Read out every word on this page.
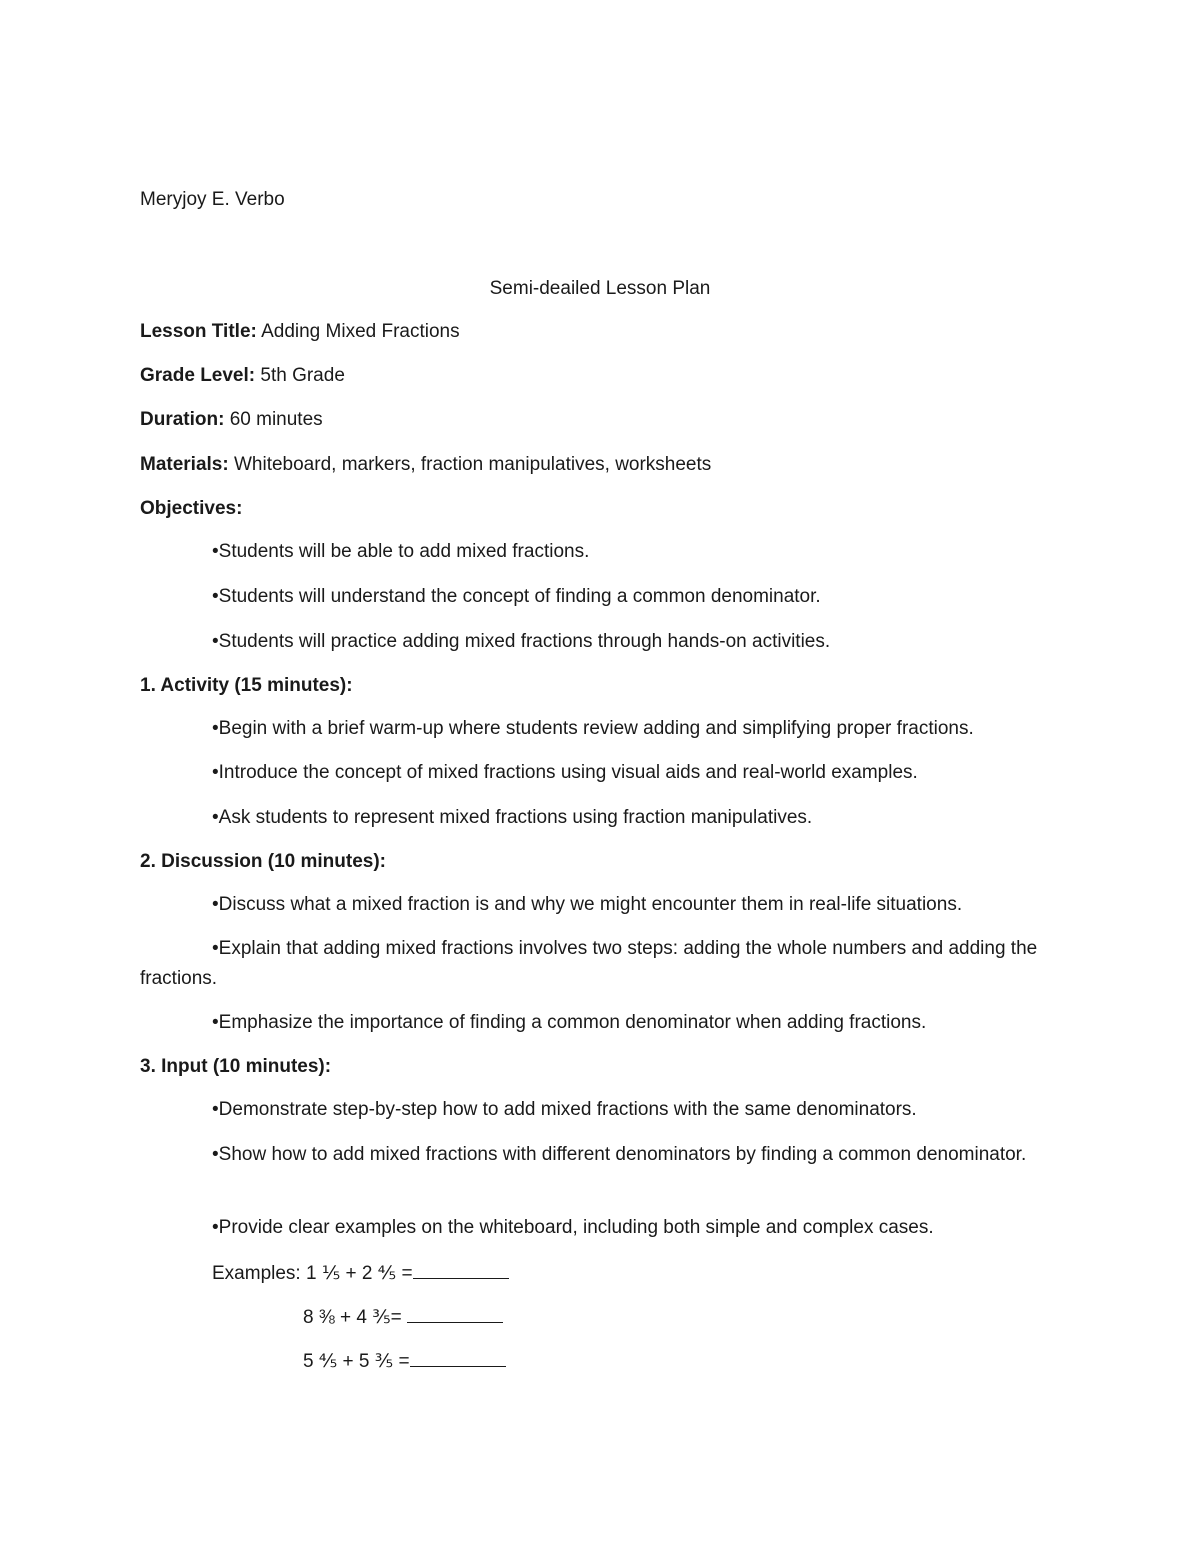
Meryjoy E. Verbo
Semi-deailed Lesson Plan
Lesson Title: Adding Mixed Fractions
Grade Level: 5th Grade
Duration: 60 minutes
Materials: Whiteboard, markers, fraction manipulatives, worksheets
Objectives:
•Students will be able to add mixed fractions.
•Students will understand the concept of finding a common denominator.
•Students will practice adding mixed fractions through hands-on activities.
1. Activity (15 minutes):
•Begin with a brief warm-up where students review adding and simplifying proper fractions.
•Introduce the concept of mixed fractions using visual aids and real-world examples.
•Ask students to represent mixed fractions using fraction manipulatives.
2. Discussion (10 minutes):
•Discuss what a mixed fraction is and why we might encounter them in real-life situations.
•Explain that adding mixed fractions involves two steps: adding the whole numbers and adding the fractions.
•Emphasize the importance of finding a common denominator when adding fractions.
3. Input (10 minutes):
•Demonstrate step-by-step how to add mixed fractions with the same denominators.
•Show how to add mixed fractions with different denominators by finding a common denominator.
•Provide clear examples on the whiteboard, including both simple and complex cases.
Examples: 1 ⅕ + 2 ⅘ =
8 ⅜ + 4 ⅗=
5 ⅘ + 5 ⅗ =
